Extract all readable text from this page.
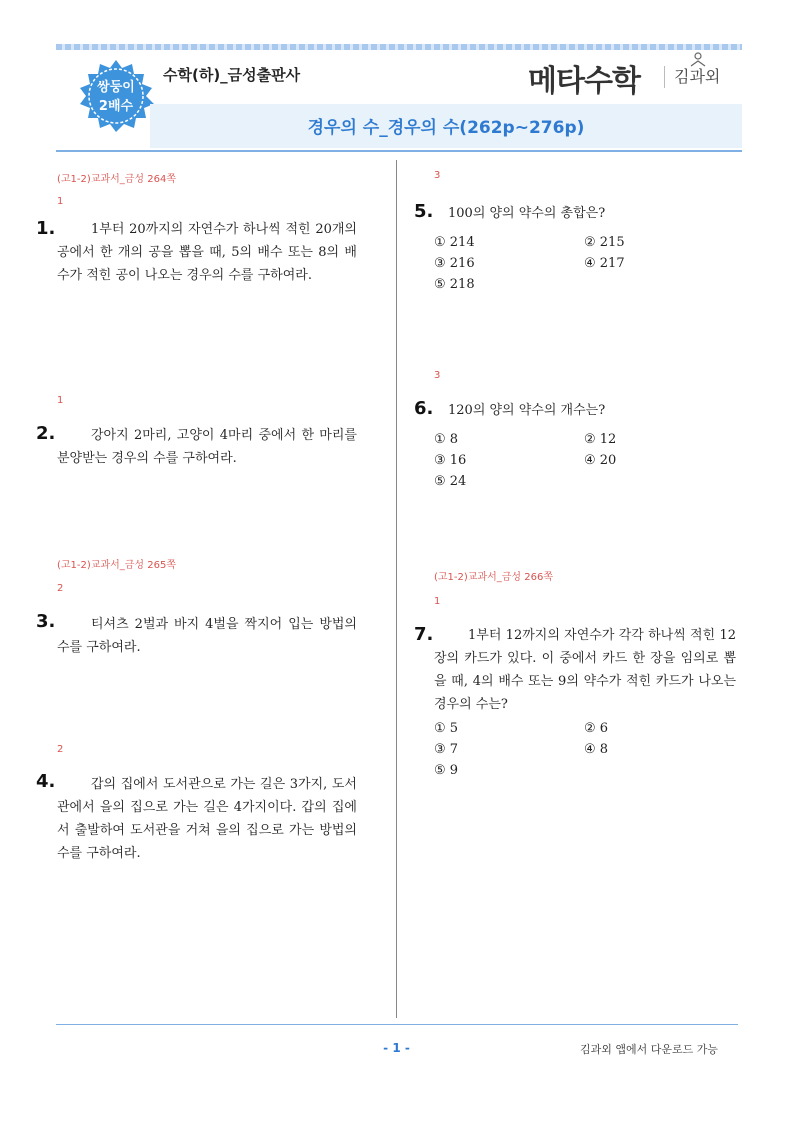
쌍둥이
2배수
수학(하)_금성출판사	메타수학 김과외
경우의 수_경우의 수(262p~276p)
(고1-2)교과서_금성 264쪽
1
1.	1부터 20까지의 자연수가 하나씩 적힌 20개의 공에서 한 개의 공을 뽑을 때, 5의 배수 또는 8의 배수가 적힌 공이 나오는 경우의 수를 구하여라.
1
2.	강아지 2마리, 고양이 4마리 중에서 한 마리를 분양받는 경우의 수를 구하여라.
(고1-2)교과서_금성 265쪽
2
3.	티셔츠 2벌과 바지 4벌을 짝지어 입는 방법의 수를 구하여라.
2
4.	갑의 집에서 도서관으로 가는 길은 3가지, 도서관에서 을의 집으로 가는 길은 4가지이다. 갑의 집에서 출발하여 도서관을 거쳐 을의 집으로 가는 방법의 수를 구하여라.
3
5. 100의 양의 약수의 총합은?
① 214	② 215
③ 216	④ 217
⑤ 218
3
6. 120의 양의 약수의 개수는?
① 8	② 12
③ 16	④ 20
⑤ 24
(고1-2)교과서_금성 266쪽
1
7.	1부터 12까지의 자연수가 각각 하나씩 적힌 12장의 카드가 있다. 이 중에서 카드 한 장을 임의로 뽑을 때, 4의 배수 또는 9의 약수가 적힌 카드가 나오는 경우의 수는?
① 5	② 6
③ 7	④ 8
⑤ 9
- 1 -	김과외 앱에서 다운로드 가능
